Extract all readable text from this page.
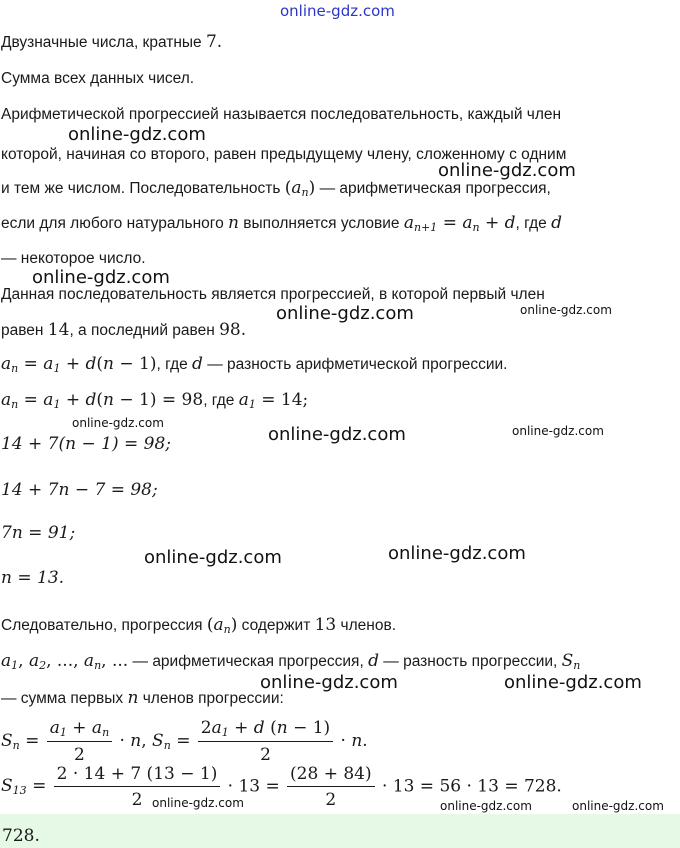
online-gdz.com
Двузначные числа, кратные 7.
Сумма всех данных чисел.
Арифметической прогрессией называется последовательность, каждый член
online-gdz.com
которой, начиная со второго, равен предыдущему члену, сложенному с одним
online-gdz.com
и тем же числом. Последовательность $(a_n)$ — арифметическая прогрессия,
если для любого натурального n выполняется условие $a_{n+1} = a_n + d$, где d
— некоторое число.
online-gdz.com
Данная последовательность является прогрессией, в которой первый член
равен 14, а последний равен 98.
online-gdz.com	online-gdz.com
$a_n = a_1 + d(n - 1)$, где d — разность арифметической прогрессии.
$a_n = a_1 + d(n - 1) = 98$, где $a_1 = 14$;
online-gdz.com
14 + 7(n − 1) = 98;	online-gdz.com	online-gdz.com
14 + 7n − 7 = 98;
7n = 91;
online-gdz.com	online-gdz.com
n = 13.
Следовательно, прогрессия $(a_n)$ содержит 13 членов.
$a_1$, $a_2$, ..., $a_n$, ... — арифметическая прогрессия, d — разность прогрессии, $S_n$
— сумма первых n членов прогрессии:
online-gdz.com	online-gdz.com
$S_n = \frac{a_1 + a_n}{2} \cdot n$, $S_n = \frac{2a_1 + d (n - 1)}{2} \cdot n$.
$S_{13} = \frac{2 \cdot 14 + 7 (13 - 1)}{2} \cdot 13 = \frac{(28 + 84)}{2} \cdot 13 = 56 \cdot 13 = 728$.
online-gdz.com	online-gdz.com	online-gdz.com
728.
